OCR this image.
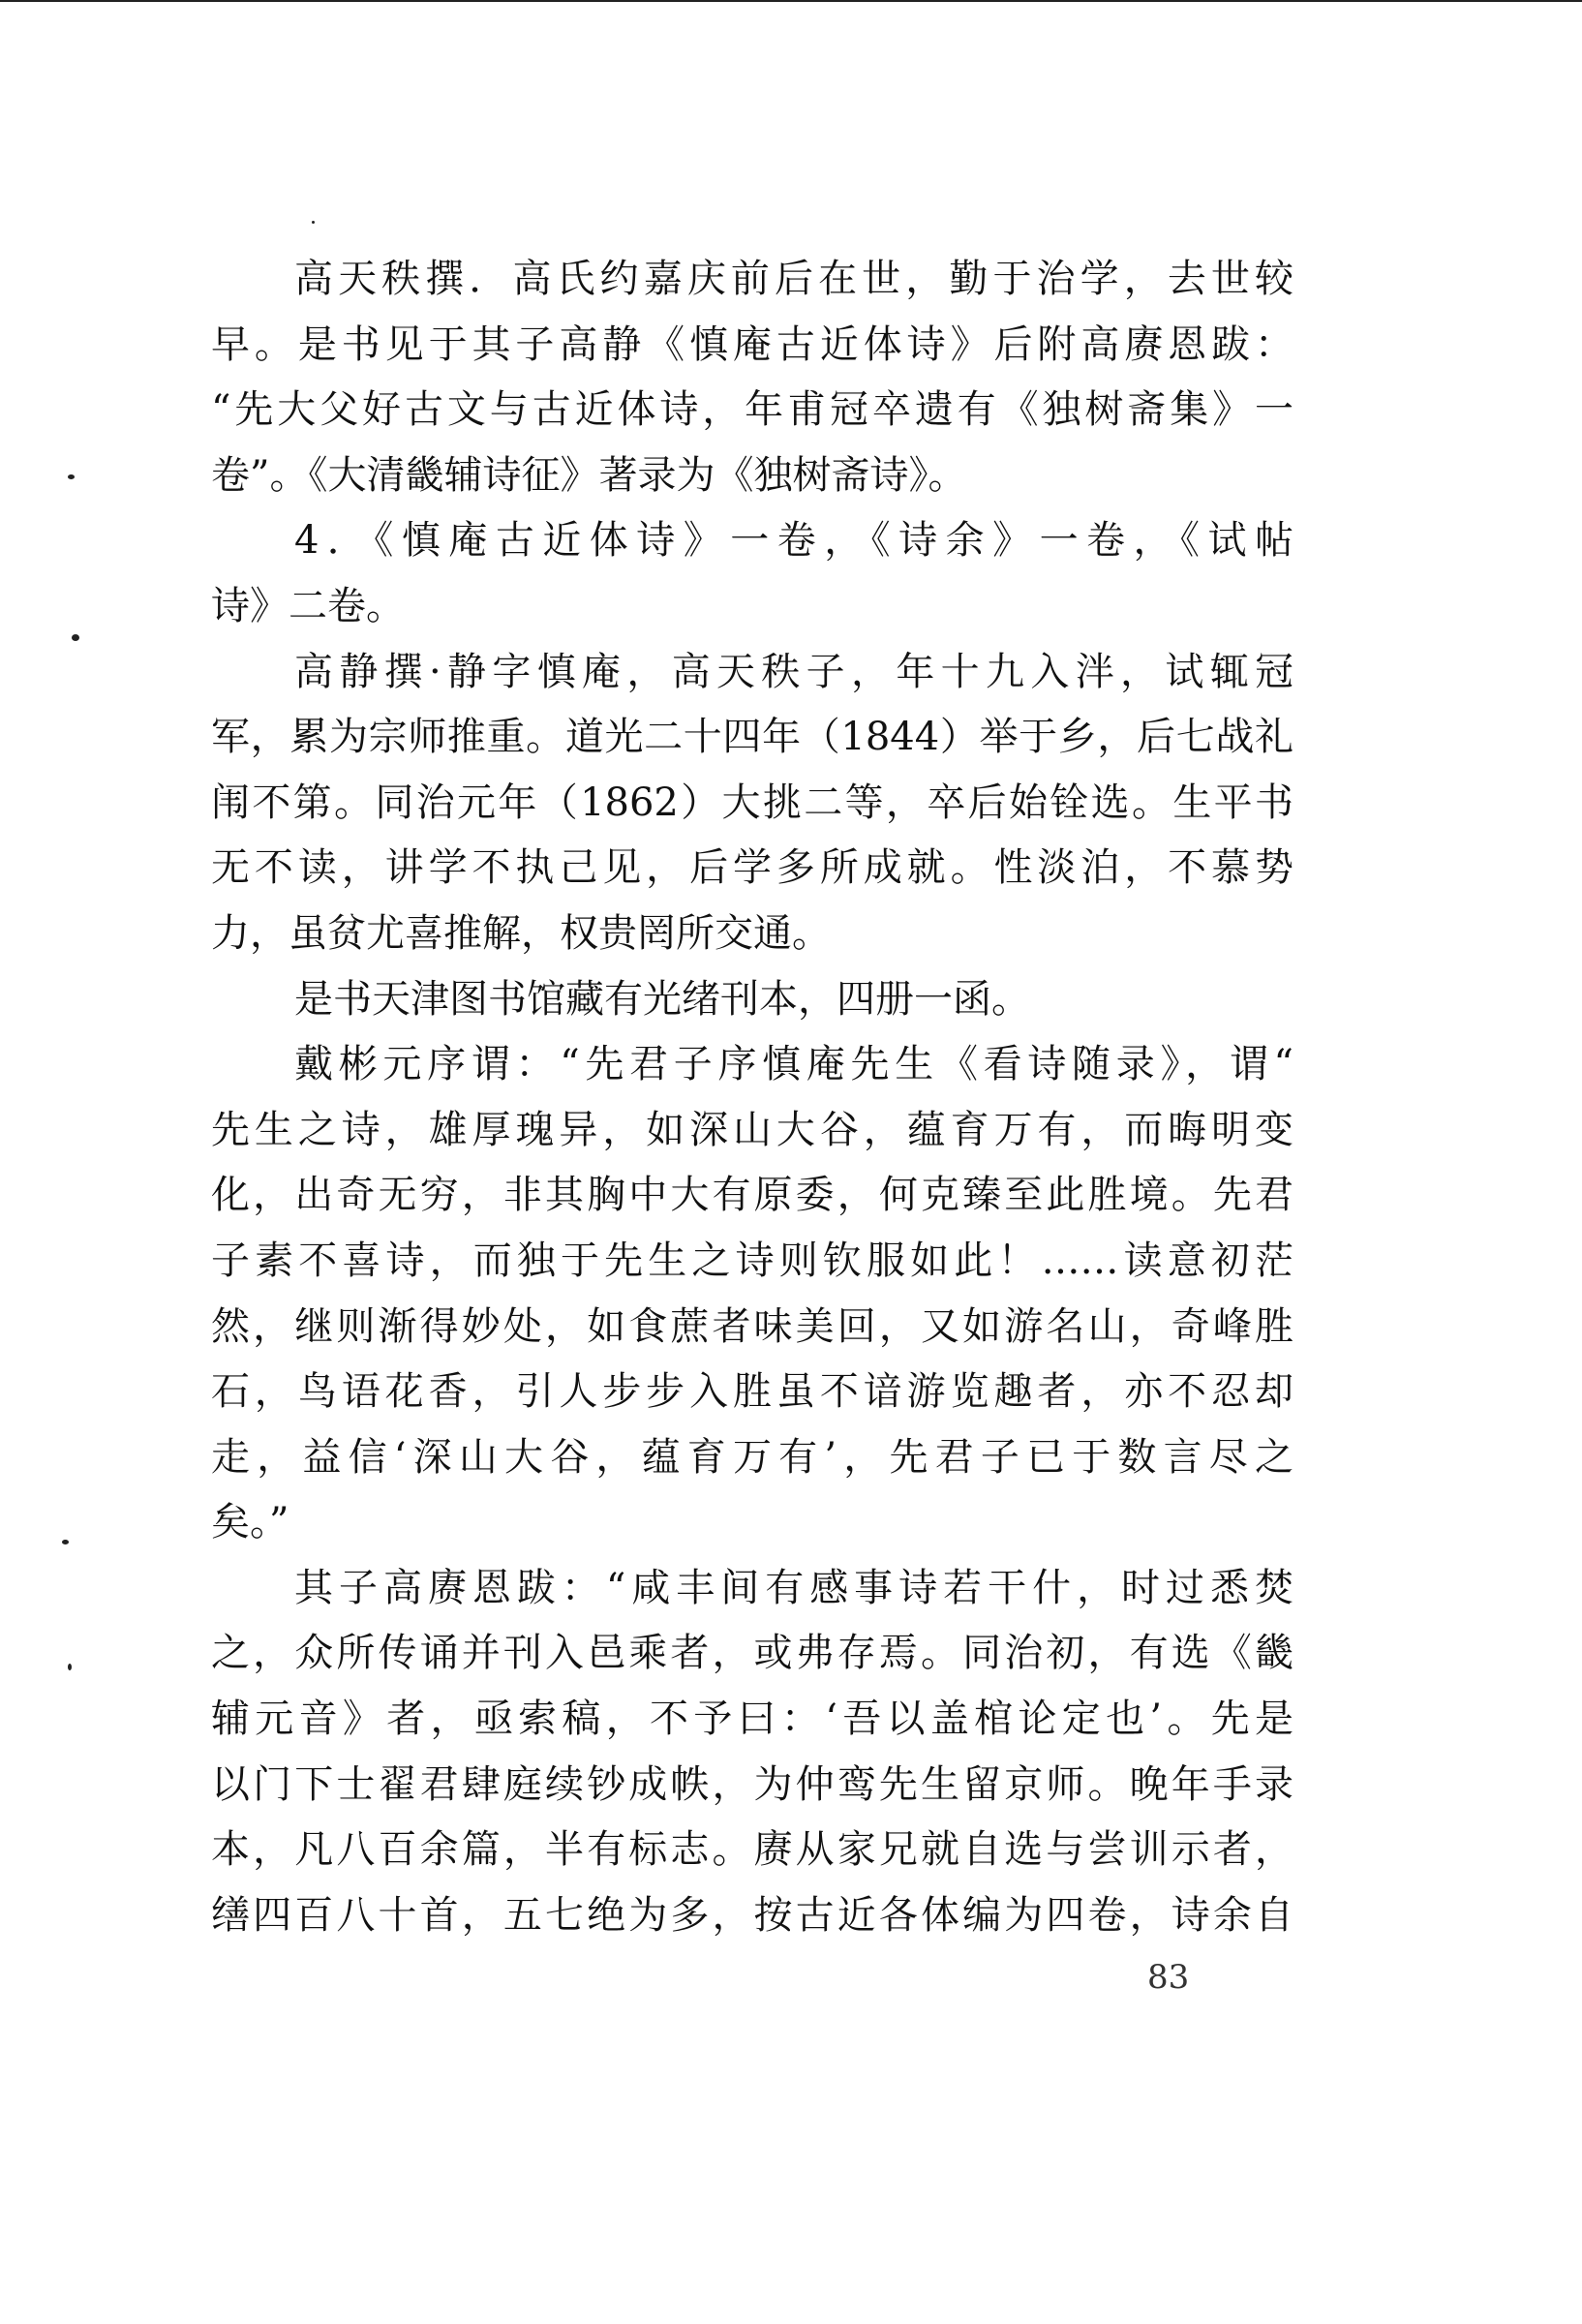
高天秩撰．高氏约嘉庆前后在世，勤于治学，去世较
早。是书见于其子高静《慎庵古近体诗》后附高赓恩跋：
“先大父好古文与古近体诗，年甫冠卒遗有《独树斋集》一
卷”。《大清畿辅诗征》著录为《独树斋诗》。
4．《慎庵古近体诗》一卷，《诗余》一卷，《试帖
诗》二卷。
高静撰·静字慎庵，高天秩子，年十九入泮，试辄冠
军，累为宗师推重。道光二十四年（1844）举于乡，后七战礼
闱不第。同治元年（1862）大挑二等，卒后始铨选。生平书
无不读，讲学不执己见，后学多所成就。性淡泊，不慕势
力，虽贫尤喜推解，权贵罔所交通。
是书天津图书馆藏有光绪刊本，四册一函。
戴彬元序谓：“先君子序慎庵先生《看诗随录》，谓“
先生之诗，雄厚瑰异，如深山大谷，蕴育万有，而晦明变
化，出奇无穷，非其胸中大有原委，何克臻至此胜境。先君
子素不喜诗，而独于先生之诗则钦服如此！……读意初茫
然，继则渐得妙处，如食蔗者味美回，又如游名山，奇峰胜
石，鸟语花香，引人步步入胜虽不谙游览趣者，亦不忍却
走，益信‘深山大谷，蕴育万有’，先君子已于数言尽之
矣。”
其子高赓恩跋：“咸丰间有感事诗若干什，时过悉焚
之，众所传诵并刊入邑乘者，或弗存焉。同治初，有选《畿
辅元音》者，亟索稿，不予曰：‘吾以盖棺论定也’。先是
以门下士翟君肆庭续钞成帙，为仲鸾先生留京师。晚年手录
本，凡八百余篇，半有标志。赓从家兄就自选与尝训示者，
缮四百八十首，五七绝为多，按古近各体编为四卷，诗余自
83
